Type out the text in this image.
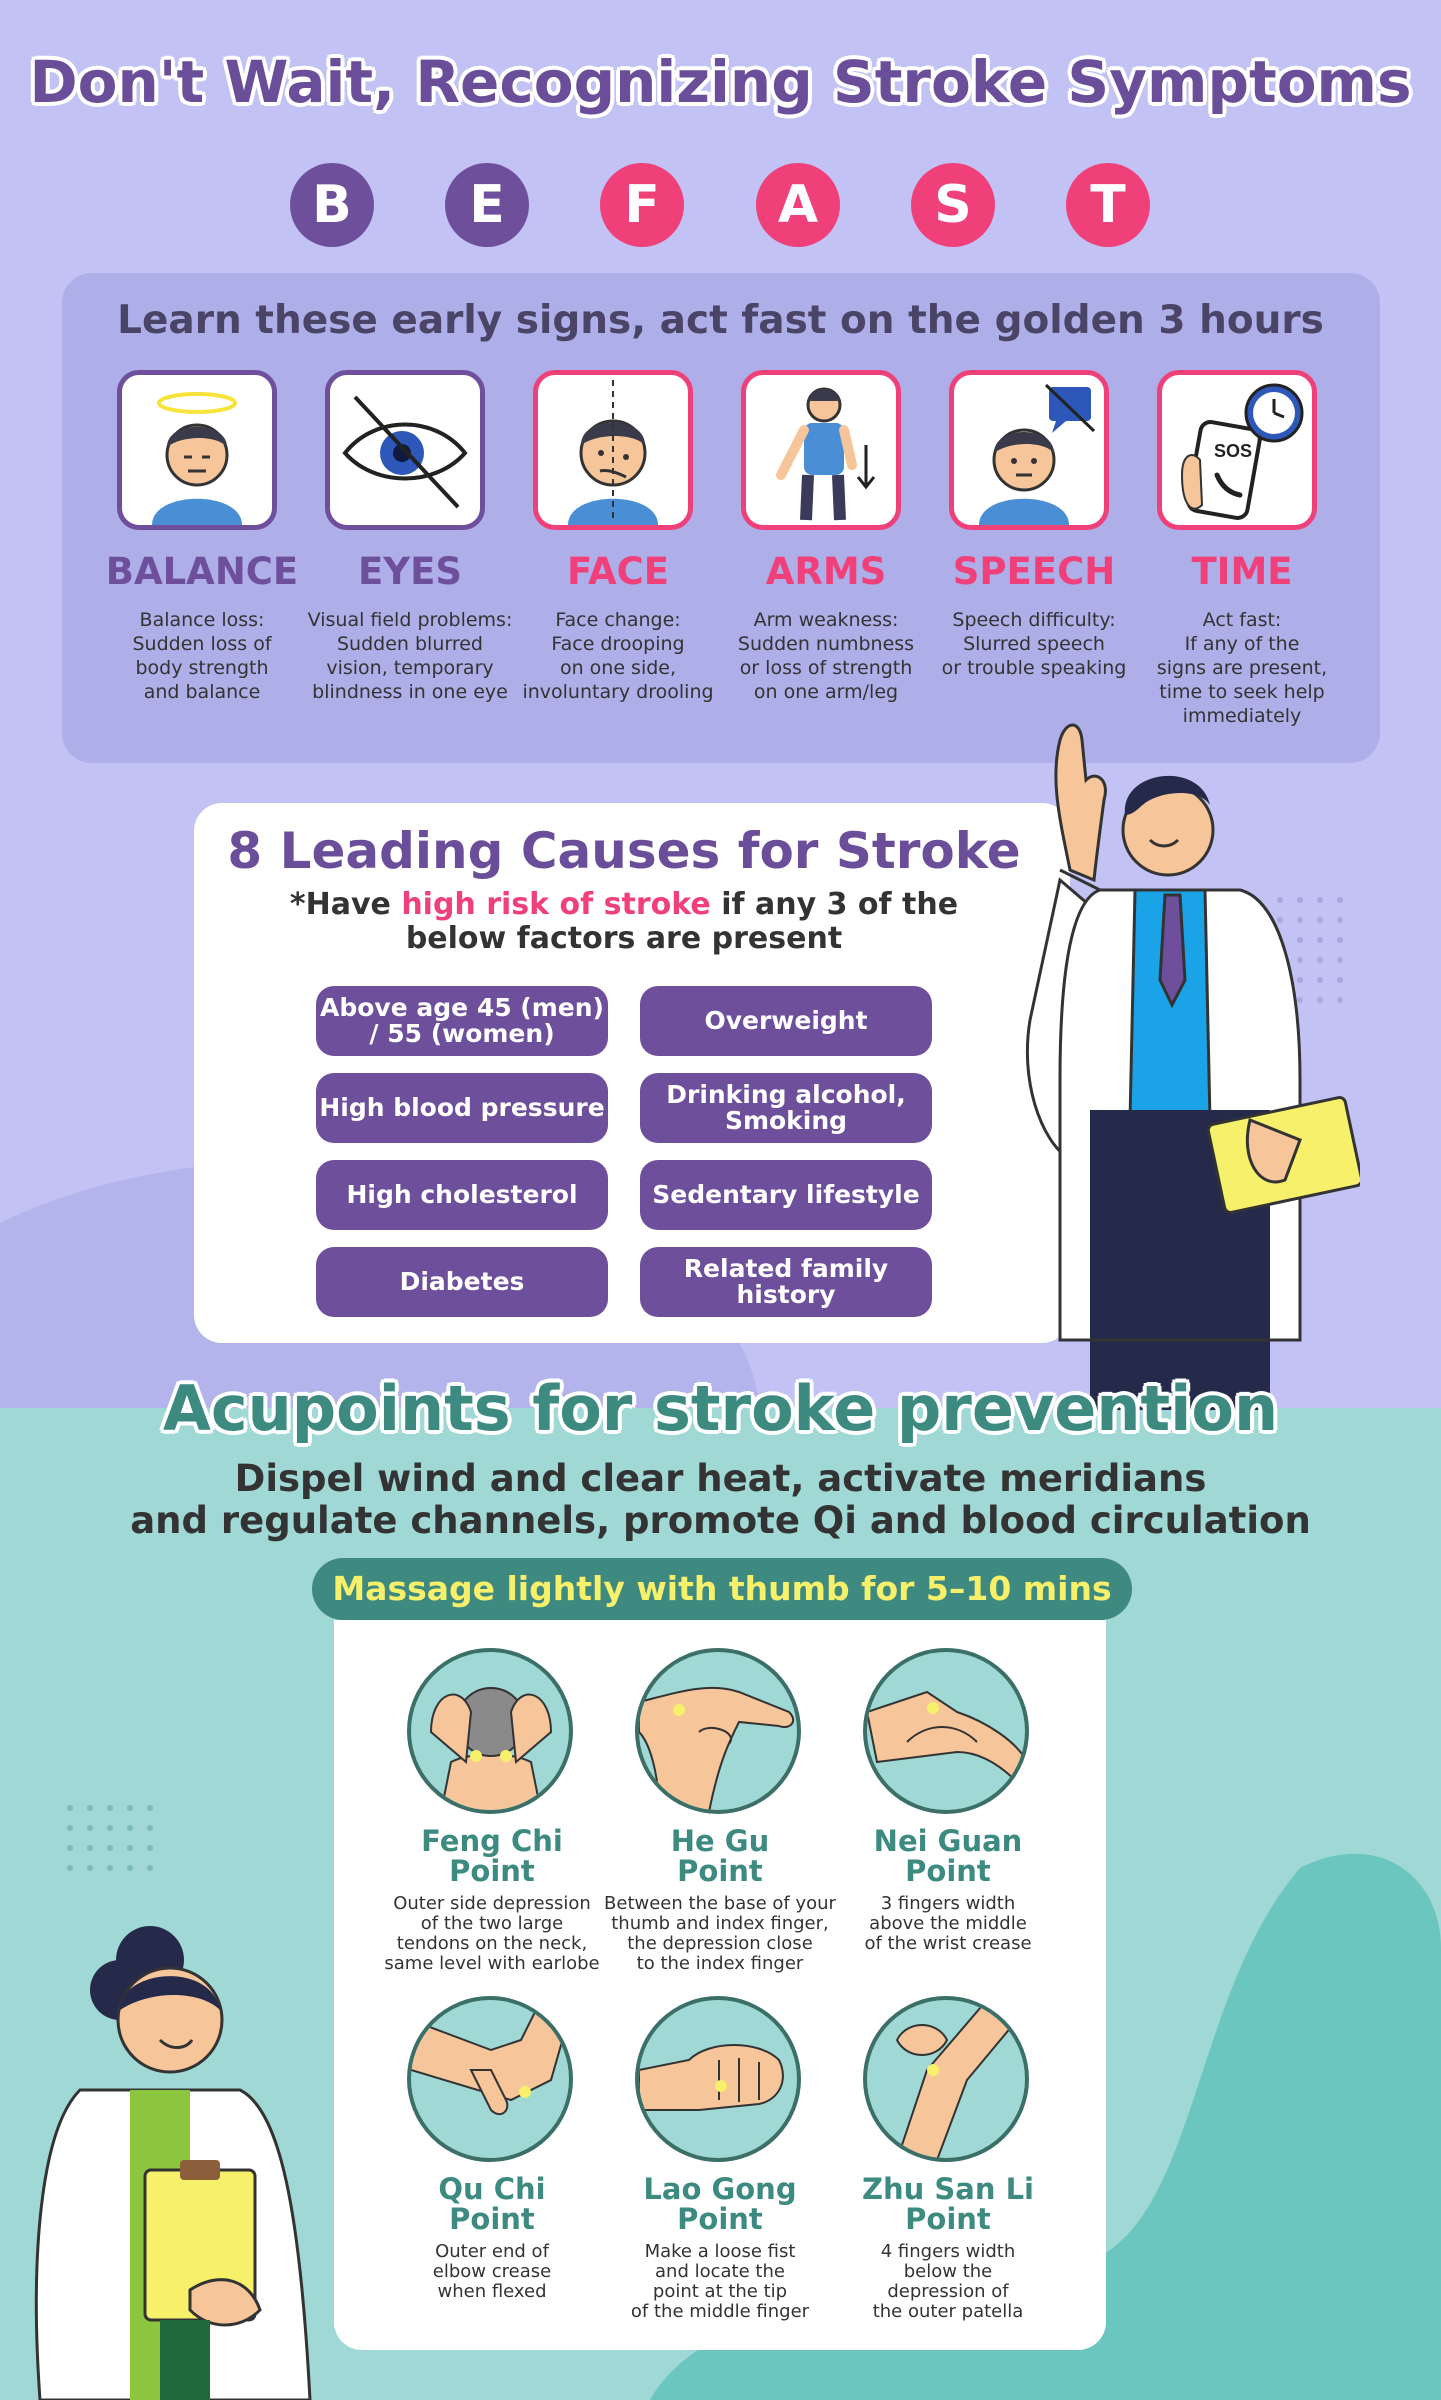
Don't Wait, Recognizing Stroke Symptoms
B	E	F	A	S	T
Learn these early signs, act fast on the golden 3 hours
BALANCE
Balance loss:
Sudden loss of
body strength
and balance
EYES
Visual field problems:
Sudden blurred
vision, temporary
blindness in one eye
FACE
Face change:
Face drooping
on one side,
involuntary drooling
ARMS
Arm weakness:
Sudden numbness
or loss of strength
on one arm/leg
SPEECH
Speech difficulty:
Slurred speech
or trouble speaking
SOS
TIME
Act fast:
If any of the
signs are present,
time to seek help
immediately
8 Leading Causes for Stroke
*Have high risk of stroke if any 3 of the
below factors are present
Above age 45 (men) / 55 (women)	Overweight
High blood pressure	Drinking alcohol, Smoking
High cholesterol	Sedentary lifestyle
Diabetes	Related family history
Acupoints for stroke prevention
Dispel wind and clear heat, activate meridians
and regulate channels, promote Qi and blood circulation
Massage lightly with thumb for 5–10 mins
Feng Chi
Point
Outer side depression
of the two large
tendons on the neck,
same level with earlobe
He Gu
Point
Between the base of your
thumb and index finger,
the depression close
to the index finger
Nei Guan
Point
3 fingers width
above the middle
of the wrist crease
Qu Chi
Point
Outer end of
elbow crease
when flexed
Lao Gong
Point
Make a loose fist
and locate the
point at the tip
of the middle finger
Zhu San Li
Point
4 fingers width
below the
depression of
the outer patella
